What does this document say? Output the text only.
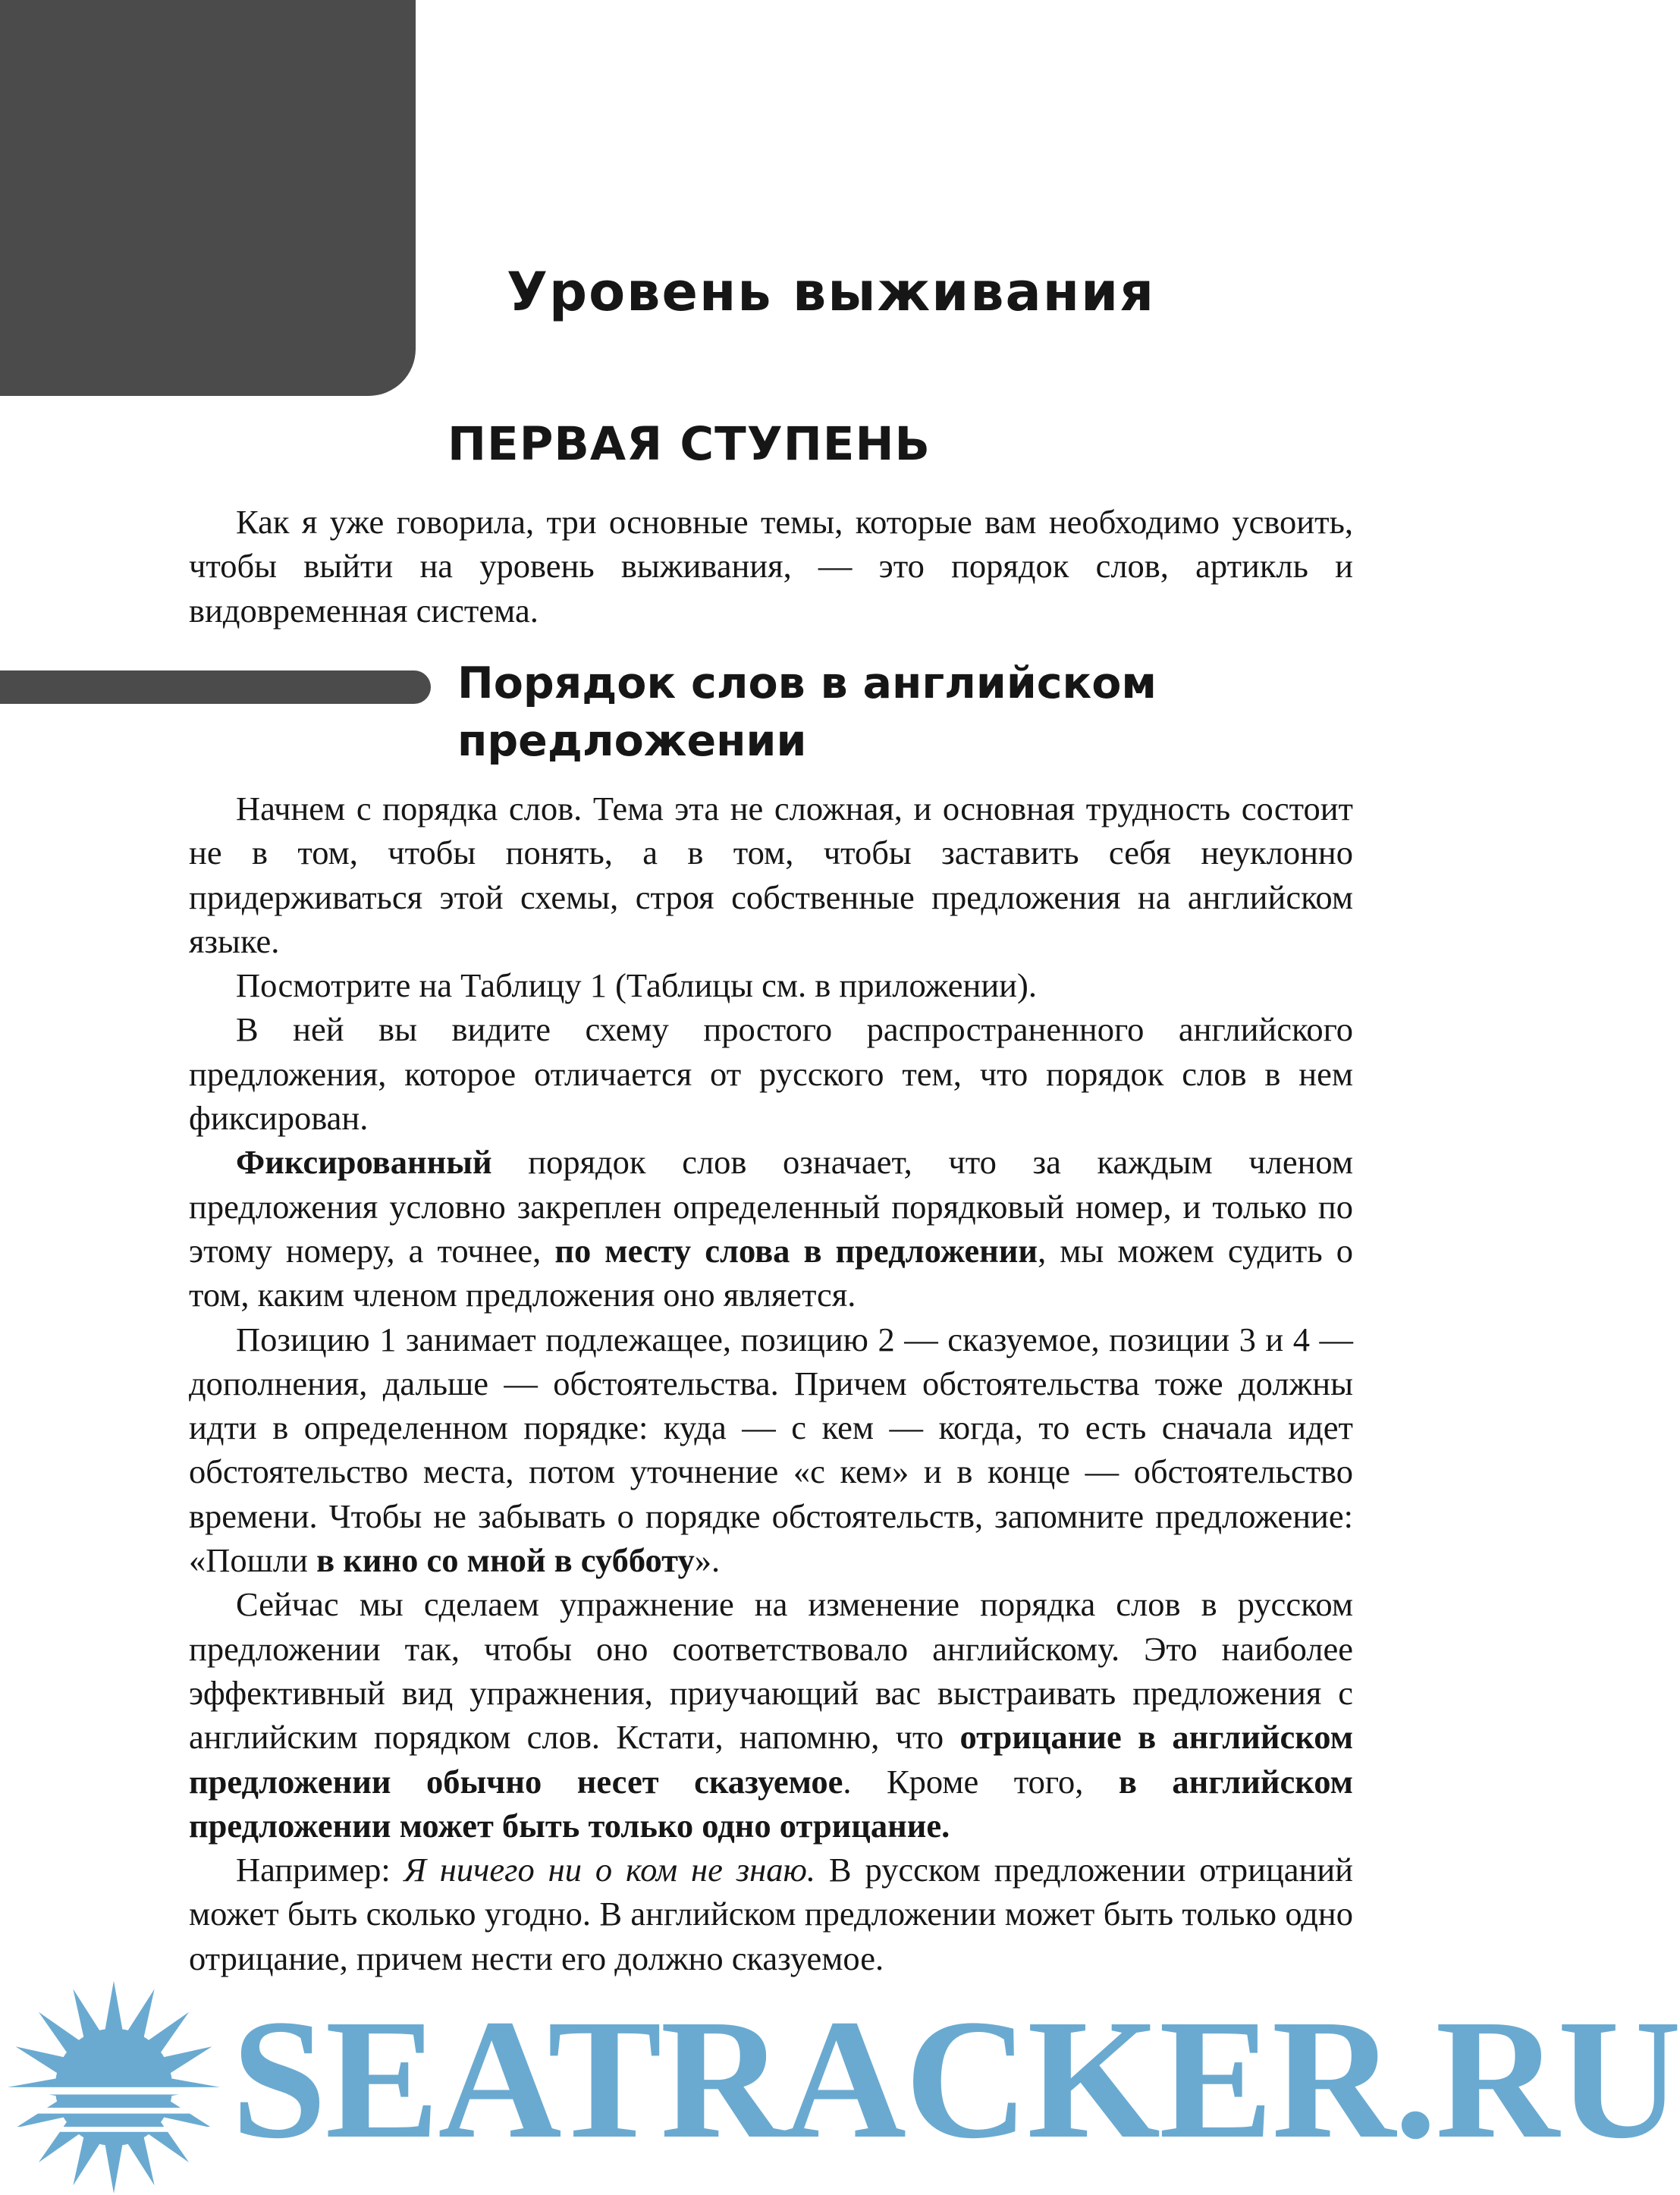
Уровень выживания
ПЕРВАЯ СТУПЕНЬ

Как я уже говорила, три основные темы, которые вам необходимо усвоить, чтобы выйти на уровень выживания, — это порядок слов, артикль и видовременная система.

Порядок слов в английском предложении

Начнем с порядка слов. Тема эта не сложная, и основная трудность состоит не в том, чтобы понять, а в том, чтобы заставить себя неуклонно придерживаться этой схемы, строя собственные предложения на английском языке.

Посмотрите на Таблицу 1 (Таблицы см. в приложении).

В ней вы видите схему простого распространенного английского предложения, которое отличается от русского тем, что порядок слов в нем фиксирован.

Фиксированный порядок слов означает, что за каждым членом предложения условно закреплен определенный порядковый номер, и только по этому номеру, а точнее, по месту слова в предложении, мы можем судить о том, каким членом предложения оно является.

Позицию 1 занимает подлежащее, позицию 2 — сказуемое, позиции 3 и 4 — дополнения, дальше — обстоятельства. Причем обстоятельства тоже должны идти в определенном порядке: куда — с кем — когда, то есть сначала идет обстоятельство места, потом уточнение «с кем» и в конце — обстоятельство времени. Чтобы не забывать о порядке обстоятельств, запомните предложение: «Пошли в кино со мной в субботу».

Сейчас мы сделаем упражнение на изменение порядка слов в русском предложении так, чтобы оно соответствовало английскому. Это наиболее эффективный вид упражнения, приучающий вас выстраивать предложения с английским порядком слов. Кстати, напомню, что отрицание в английском предложении обычно несет сказуемое. Кроме того, в английском предложении может быть только одно отрицание.

Например: Я ничего ни о ком не знаю. В русском предложении отрицаний может быть сколько угодно. В английском предложении может быть только одно отрицание, причем нести его должно сказуемое.

SEATRACKER.RU
